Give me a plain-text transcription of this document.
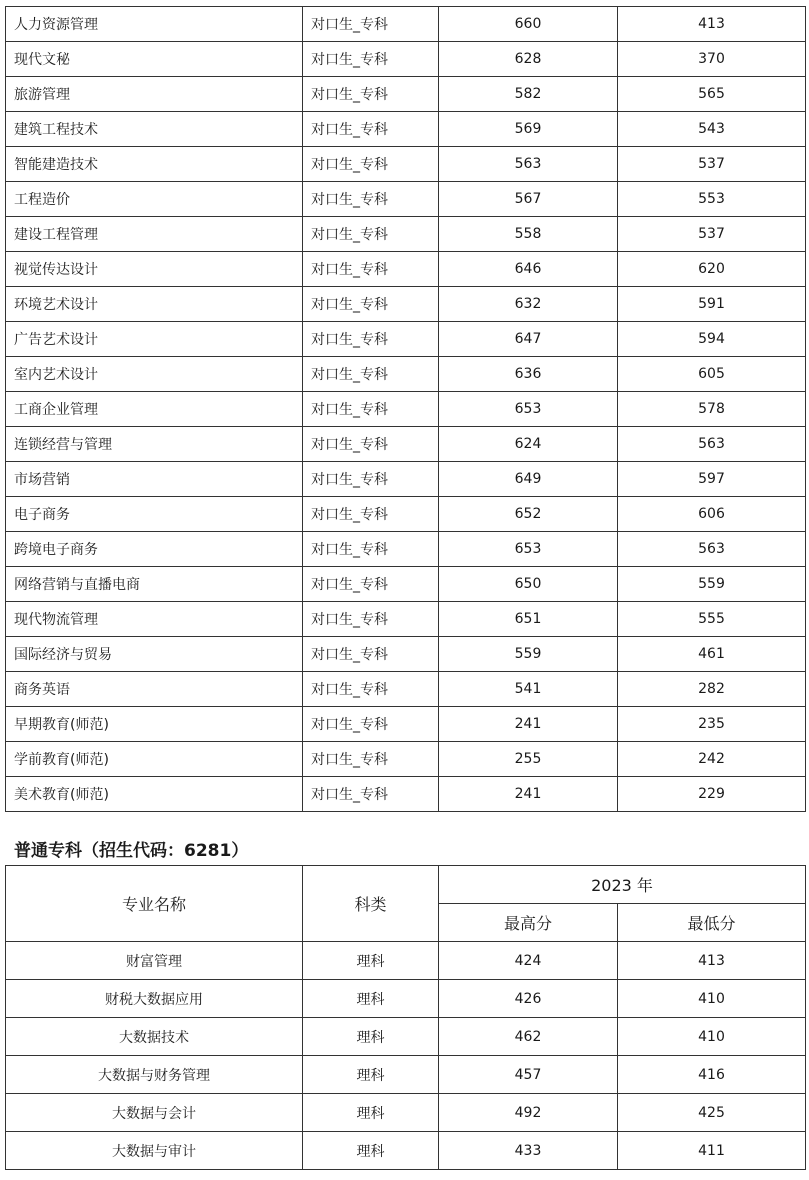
人力资源管理	对口生_专科	660	413
现代文秘	对口生_专科	628	370
旅游管理	对口生_专科	582	565
建筑工程技术	对口生_专科	569	543
智能建造技术	对口生_专科	563	537
工程造价	对口生_专科	567	553
建设工程管理	对口生_专科	558	537
视觉传达设计	对口生_专科	646	620
环境艺术设计	对口生_专科	632	591
广告艺术设计	对口生_专科	647	594
室内艺术设计	对口生_专科	636	605
工商企业管理	对口生_专科	653	578
连锁经营与管理	对口生_专科	624	563
市场营销	对口生_专科	649	597
电子商务	对口生_专科	652	606
跨境电子商务	对口生_专科	653	563
网络营销与直播电商	对口生_专科	650	559
现代物流管理	对口生_专科	651	555
国际经济与贸易	对口生_专科	559	461
商务英语	对口生_专科	541	282
早期教育(师范)	对口生_专科	241	235
学前教育(师范)	对口生_专科	255	242
美术教育(师范)	对口生_专科	241	229
普通专科（招生代码：6281）
专业名称	科类	2023 年	
		最高分	最低分
财富管理	理科	424	413
财税大数据应用	理科	426	410
大数据技术	理科	462	410
大数据与财务管理	理科	457	416
大数据与会计	理科	492	425
大数据与审计	理科	433	411
